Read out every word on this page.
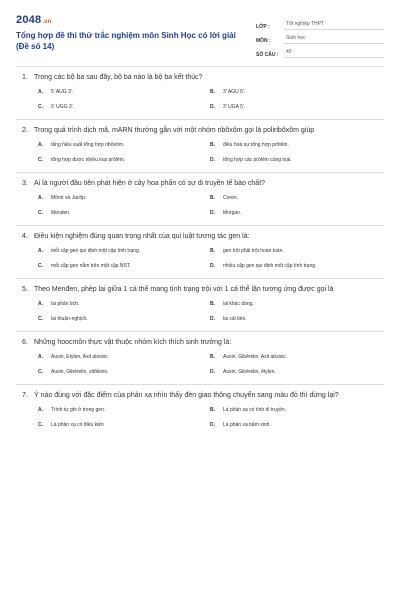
2048.vn
Tổng hợp đề thi thử trắc nghiệm môn Sinh Học có lời giải (Đề số 14)
LỚP :	Tốt nghiệp THPT
MÔN :	Sinh học
SỐ CÂU :	40
1. Trong các bộ ba sau đây, bộ ba nào là bộ ba kết thúc?
A.	5' AUG 3'.	B.	3' AGU 5'.
C.	5' UGG 3'.	D.	3' UGA 5'.
2. Trong quá trình dịch mã, mARN thường gắn với một nhóm ribôxôm gọi là poliribôxôm giúp
A.	tăng hiệu suất tổng hợp ribôxôm.	B.	điều hoà sự tổng hợp prôtêin.
C.	tổng hợp được nhiều loại prôtêin.	D.	tổng hợp các prôtêin cùng loại.
3. Ai là người đầu tiên phát hiện ở cây hoa phấn có sự di truyền tế bào chất?
A.	Mônô và Jacôp.	B.	Coren.
C.	Menden.	D.	Morgan.
4. Điều kiện nghiệm đúng quan trọng nhất của qui luật tương tác gen là:
A.	mỗi cặp gen qui định một cặp tính trạng.	B.	gen trội phải trội hoàn toàn.
C.	mỗi cặp gen nằm trên một cặp NST.	D.	nhiều cặp gen qui định một cặp tính trạng.
5. Theo Menđen, phép lai giữa 1 cá thể mang tính trạng trội với 1 cá thể lặn tương ứng được gọi là
A.	lai phân tích.	B.	lai khác dòng.
C.	lai thuận-nghịch.	D.	lai cải tiến.
6. Những hoocmôn thực vật thuộc nhóm kích thích sinh trưởng là:
A.	Auxin, Etylen, Axit absixic.	B.	Auxin, Gibêrelin, Axit absixic.
C.	Auxin, Gibêrelin, xitôkinin.	D.	Auxin, Gibêrelin, êtylen.
7. Ý nào đúng với đặc điểm của phản xạ nhìn thấy đèn giao thông chuyển sang màu đỏ thì dừng lại?
A.	Trình tự ghi ở trong gen.	B.	Là phản xạ có tính di truyền.
C.	Là phản xạ có điều kiện	D.	Là phản xạ bẩm sinh.
